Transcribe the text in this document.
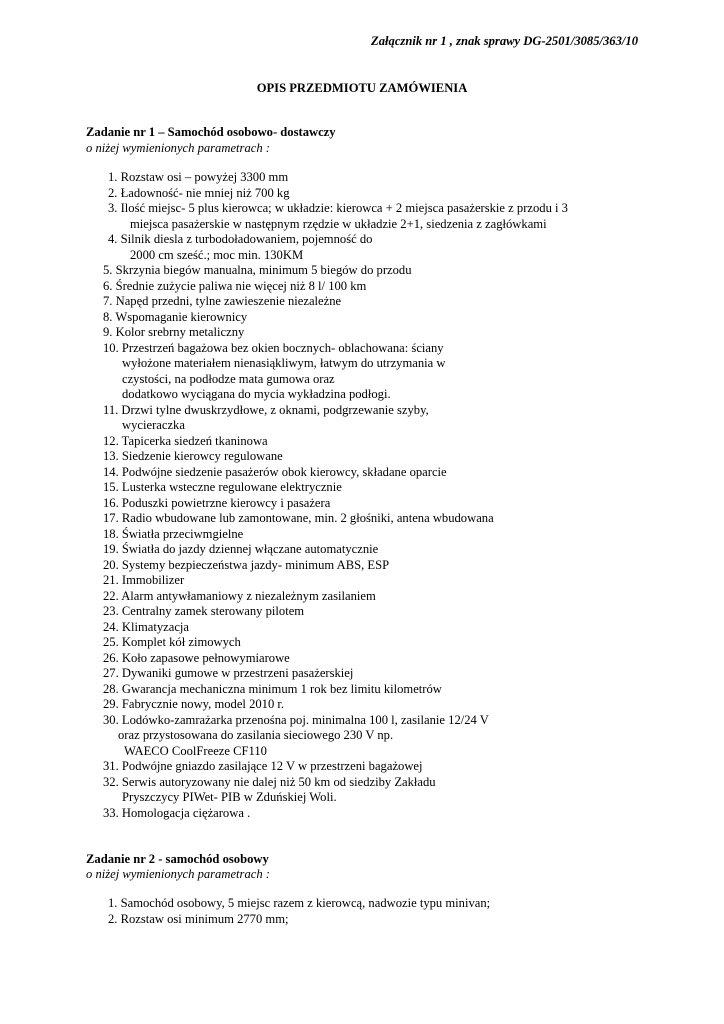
Załącznik nr 1 , znak sprawy DG-2501/3085/363/10
OPIS PRZEDMIOTU ZAMÓWIENIA
Zadanie nr 1 – Samochód osobowo- dostawczy
o niżej wymienionych parametrach :
1. Rozstaw osi – powyżej 3300 mm
2. Ładowność- nie mniej niż 700 kg
3. Ilość miejsc- 5 plus kierowca; w układzie: kierowca + 2 miejsca pasażerskie z przodu i 3
miejsca pasażerskie w następnym rzędzie w układzie 2+1, siedzenia z zagłówkami
4. Silnik diesla z turbodoładowaniem, pojemność do
2000 cm sześć.; moc min. 130KM
5. Skrzynia biegów manualna, minimum 5 biegów do przodu
6. Średnie zużycie paliwa nie więcej niż 8 l/ 100 km
7. Napęd przedni, tylne zawieszenie niezależne
8. Wspomaganie kierownicy
9. Kolor srebrny metaliczny
10. Przestrzeń bagażowa bez okien bocznych- oblachowana: ściany
wyłożone materiałem nienasiąkliwym, łatwym do utrzymania w
czystości, na podłodze mata gumowa oraz
dodatkowo wyciągana do mycia wykładzina podłogi.
11. Drzwi tylne dwuskrzydłowe, z oknami, podgrzewanie szyby,
wycieraczka
12. Tapicerka siedzeń tkaninowa
13. Siedzenie kierowcy regulowane
14. Podwójne siedzenie pasażerów obok kierowcy, składane oparcie
15. Lusterka wsteczne regulowane elektrycznie
16. Poduszki powietrzne kierowcy i pasażera
17. Radio wbudowane lub zamontowane, min. 2 głośniki, antena wbudowana
18. Światła przeciwmgielne
19. Światła do jazdy dziennej włączane automatycznie
20. Systemy bezpieczeństwa jazdy- minimum ABS, ESP
21. Immobilizer
22. Alarm antywłamaniowy z niezależnym zasilaniem
23. Centralny zamek sterowany pilotem
24. Klimatyzacja
25. Komplet kół zimowych
26. Koło zapasowe pełnowymiarowe
27. Dywaniki gumowe w przestrzeni pasażerskiej
28. Gwarancja mechaniczna minimum 1 rok bez limitu kilometrów
29. Fabrycznie nowy, model 2010 r.
30. Lodówko-zamrażarka przenośna poj. minimalna 100 l, zasilanie 12/24 V
oraz przystosowana do zasilania sieciowego 230 V np.
WAECO CoolFreeze CF110
31. Podwójne gniazdo zasilające 12 V w przestrzeni bagażowej
32. Serwis autoryzowany nie dalej niż 50 km od siedziby Zakładu
Pryszczycy PIWet- PIB w Zduńskiej Woli.
33. Homologacja ciężarowa .
Zadanie nr 2 - samochód osobowy
o niżej wymienionych parametrach :
1. Samochód osobowy, 5 miejsc razem z kierowcą, nadwozie typu minivan;
2. Rozstaw osi minimum 2770 mm;
